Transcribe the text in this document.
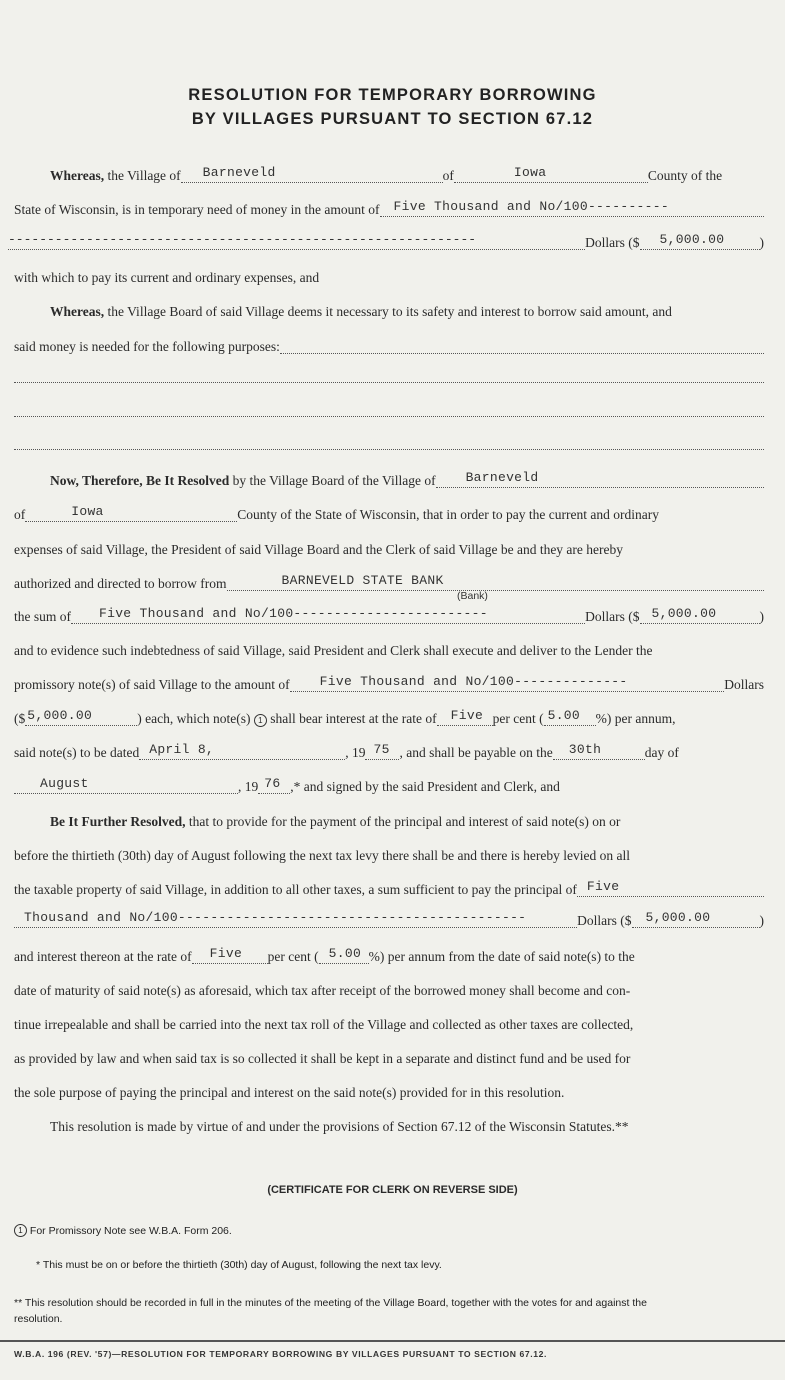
RESOLUTION FOR TEMPORARY BORROWING
BY VILLAGES PURSUANT TO SECTION 67.12
Whereas, the Village of Barneveld	of	Iowa	County of the
State of Wisconsin, is in temporary need of money in the amount of Five Thousand and No/100----------
------------------------------------------------------------	Dollars ($ 5,000.00	)
with which to pay its current and ordinary expenses, and
Whereas, the Village Board of said Village deems it necessary to its safety and interest to borrow said amount, and
said money is needed for the following purposes:
Now, Therefore, Be It Resolved by the Village Board of the Village of Barneveld
of	Iowa	County of the State of Wisconsin, that in order to pay the current and ordinary
expenses of said Village, the President of said Village Board and the Clerk of said Village be and they are hereby
authorized and directed to borrow from	BARNEVELD STATE BANK
(Bank)
the sum of Five Thousand and No/100------------------------	Dollars ($ 5,000.00	)
and to evidence such indebtedness of said Village, said President and Clerk shall execute and deliver to the Lender the
promissory note(s) of said Village to the amount of Five Thousand and No/100--------------	Dollars
($ 5,000.00	) each, which note(s)
1 shall bear interest at the rate of Five per cent ( 5.00 %) per annum,
said note(s) to be dated April 8,	, 19 75 , and shall be payable on the 30th	day of
August	, 19 76 ,* and signed by the said President and Clerk, and
Be It Further Resolved, that to provide for the payment of the principal and interest of said note(s) on or
before the thirtieth (30th) day of August following the next tax levy there shall be and there is hereby levied on all
the taxable property of said Village, in addition to all other taxes, a sum sufficient to pay the principal of Five
Thousand and No/100-------------------------------------------	Dollars ($ 5,000.00	)
and interest thereon at the rate of Five per cent ( 5.00 %) per annum from the date of said note(s) to the
date of maturity of said note(s) as aforesaid, which tax after receipt of the borrowed money shall become and con-
tinue irrepealable and shall be carried into the next tax roll of the Village and collected as other taxes are collected,
as provided by law and when said tax is so collected it shall be kept in a separate and distinct fund and be used for
the sole purpose of paying the principal and interest on the said note(s) provided for in this resolution.
This resolution is made by virtue of and under the provisions of Section 67.12 of the Wisconsin Statutes.**
(CERTIFICATE FOR CLERK ON REVERSE SIDE)
1 For Promissory Note see W.B.A. Form 206.
* This must be on or before the thirtieth (30th) day of August, following the next tax levy.
** This resolution should be recorded in full in the minutes of the meeting of the Village Board, together with the votes for and against the
resolution.
W.B.A. 196 (REV. '57)—RESOLUTION FOR TEMPORARY BORROWING BY VILLAGES PURSUANT TO SECTION 67.12.
